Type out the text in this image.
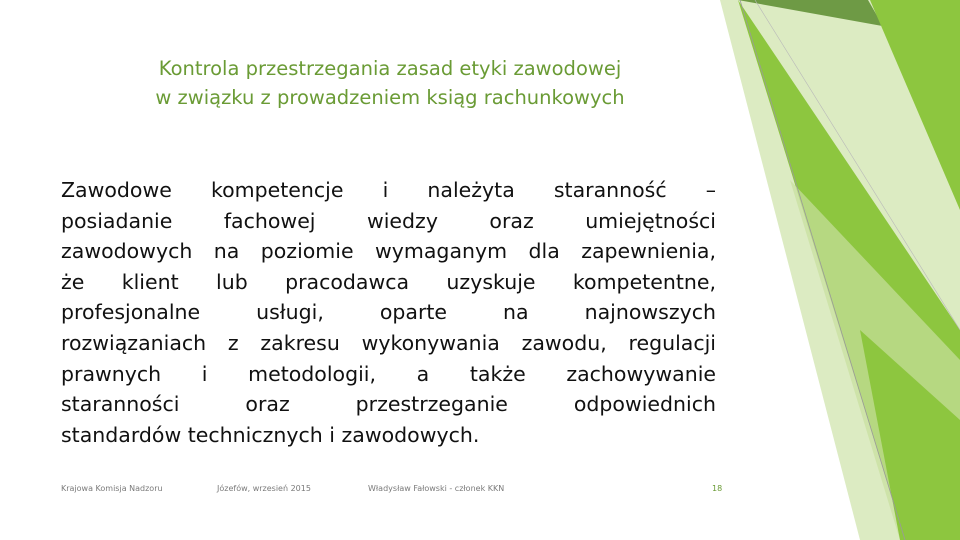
Kontrola przestrzegania zasad etyki zawodowej
w związku z prowadzeniem ksiąg rachunkowych
Zawodowe kompetencje i należyta staranność –
posiadanie fachowej wiedzy oraz umiejętności
zawodowych na poziomie wymaganym dla zapewnienia,
że klient lub pracodawca uzyskuje kompetentne,
profesjonalne usługi, oparte na najnowszych
rozwiązaniach z zakresu wykonywania zawodu, regulacji
prawnych i metodologii, a także zachowywanie
staranności oraz przestrzeganie odpowiednich
standardów technicznych i zawodowych.
Krajowa Komisja Nadzoru	Józefów, wrzesień 2015	Władysław Fałowski - członek KKN	18
